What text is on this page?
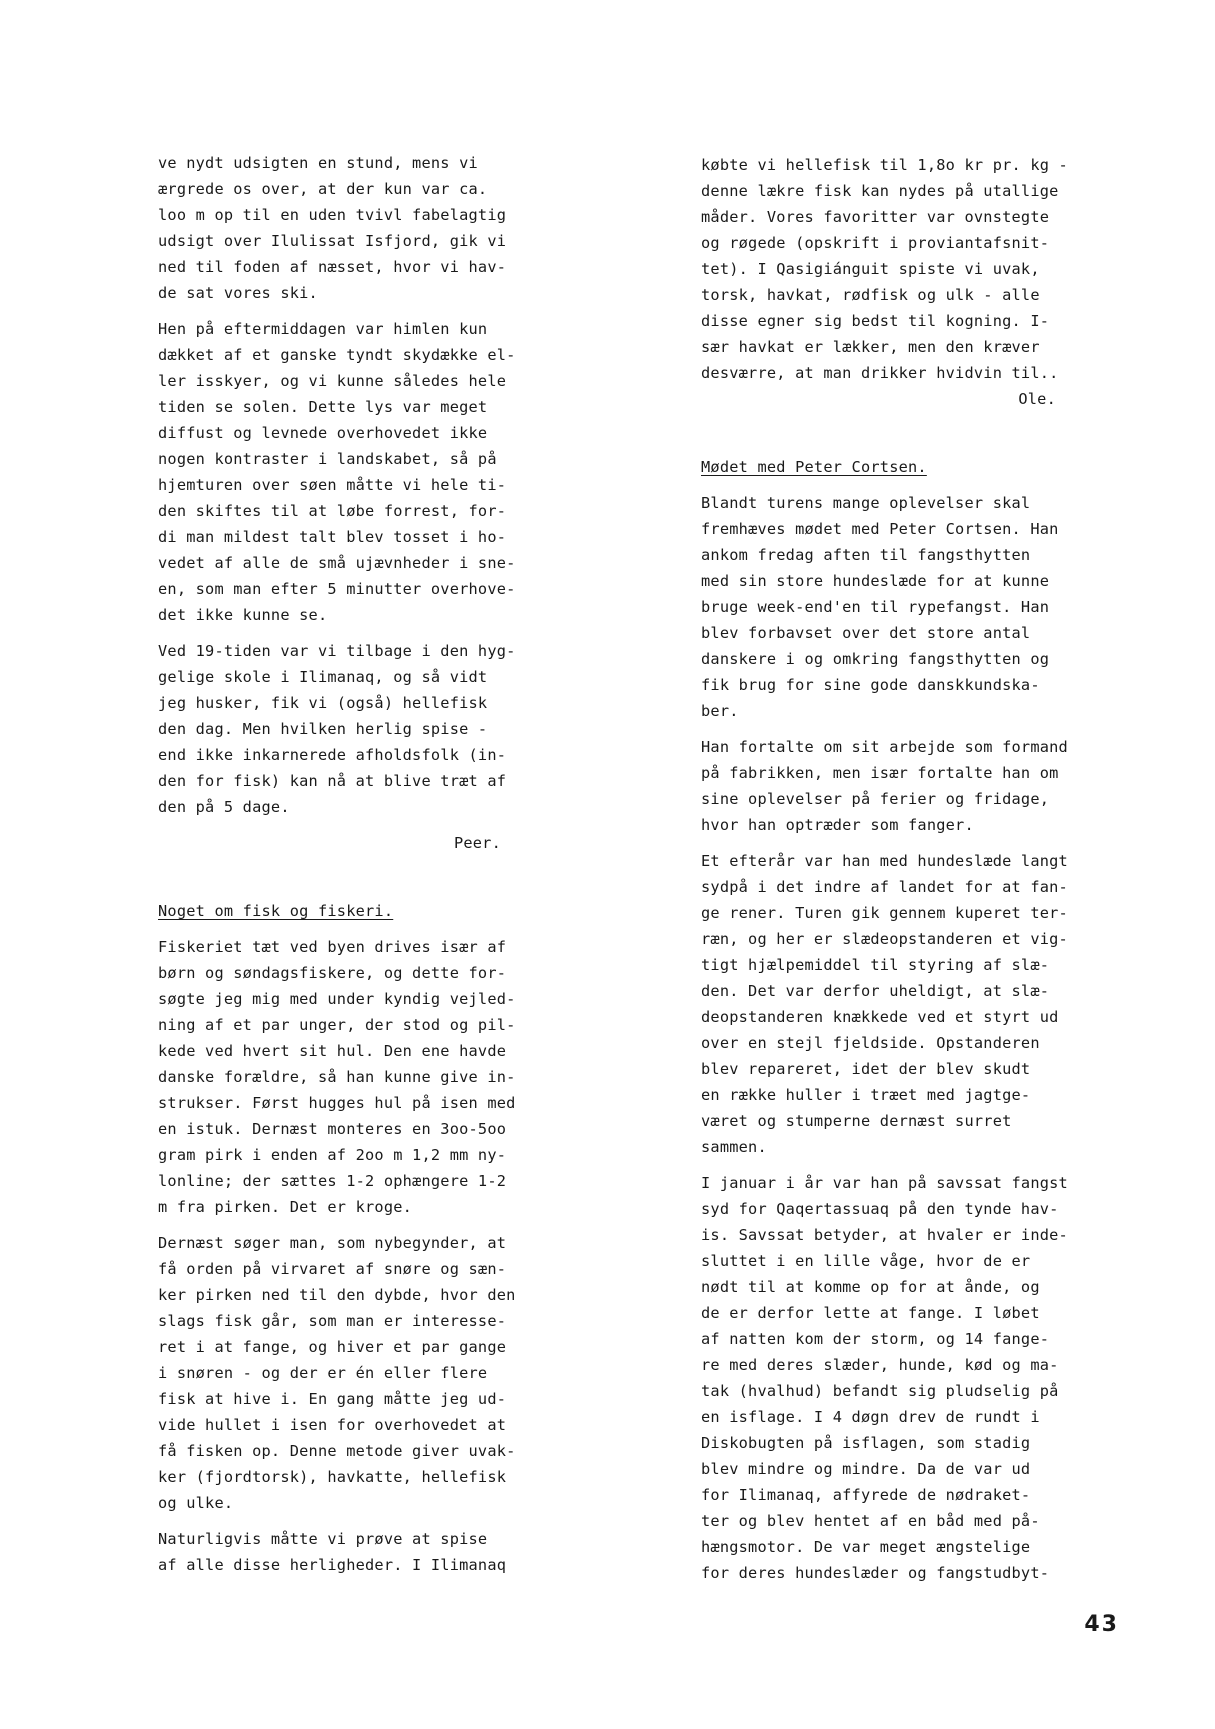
ve nydt udsigten en stund, mens vi
ærgrede os over, at der kun var ca.
loo m op til en uden tvivl fabelagtig
udsigt over Ilulissat Isfjord, gik vi
ned til foden af næsset, hvor vi hav-
de sat vores ski.
Hen på eftermiddagen var himlen kun
dækket af et ganske tyndt skydække el-
ler isskyer, og vi kunne således hele
tiden se solen. Dette lys var meget
diffust og levnede overhovedet ikke
nogen kontraster i landskabet, så på
hjemturen over søen måtte vi hele ti-
den skiftes til at løbe forrest, for-
di man mildest talt blev tosset i ho-
vedet af alle de små ujævnheder i sne-
en, som man efter 5 minutter overhove-
det ikke kunne se.
Ved 19-tiden var vi tilbage i den hyg-
gelige skole i Ilimanaq, og så vidt
jeg husker, fik vi (også) hellefisk
den dag. Men hvilken herlig spise -
end ikke inkarnerede afholdsfolk (in-
den for fisk) kan nå at blive træt af
den på 5 dage.
Peer.
Noget om fisk og fiskeri.
Fiskeriet tæt ved byen drives især af
børn og søndagsfiskere, og dette for-
søgte jeg mig med under kyndig vejled-
ning af et par unger, der stod og pil-
kede ved hvert sit hul. Den ene havde
danske forældre, så han kunne give in-
strukser. Først hugges hul på isen med
en istuk. Dernæst monteres en 3oo-5oo
gram pirk i enden af 2oo m 1,2 mm ny-
lonline; der sættes 1-2 ophængere 1-2
m fra pirken. Det er kroge.
Dernæst søger man, som nybegynder, at
få orden på virvaret af snøre og sæn-
ker pirken ned til den dybde, hvor den
slags fisk går, som man er interesse-
ret i at fange, og hiver et par gange
i snøren - og der er én eller flere
fisk at hive i. En gang måtte jeg ud-
vide hullet i isen for overhovedet at
få fisken op. Denne metode giver uvak-
ker (fjordtorsk), havkatte, hellefisk
og ulke.
Naturligvis måtte vi prøve at spise
af alle disse herligheder. I Ilimanaq
købte vi hellefisk til 1,8o kr pr. kg -
denne lækre fisk kan nydes på utallige
måder. Vores favoritter var ovnstegte
og røgede (opskrift i proviantafsnit-
tet). I Qasigiánguit spiste vi uvak,
torsk, havkat, rødfisk og ulk - alle
disse egner sig bedst til kogning. I-
sær havkat er lækker, men den kræver
desværre, at man drikker hvidvin til..
Ole.
Mødet med Peter Cortsen.
Blandt turens mange oplevelser skal
fremhæves mødet med Peter Cortsen. Han
ankom fredag aften til fangsthytten
med sin store hundeslæde for at kunne
bruge week-end'en til rypefangst. Han
blev forbavset over det store antal
danskere i og omkring fangsthytten og
fik brug for sine gode danskkundska-
ber.
Han fortalte om sit arbejde som formand
på fabrikken, men især fortalte han om
sine oplevelser på ferier og fridage,
hvor han optræder som fanger.
Et efterår var han med hundeslæde langt
sydpå i det indre af landet for at fan-
ge rener. Turen gik gennem kuperet ter-
ræn, og her er slædeopstanderen et vig-
tigt hjælpemiddel til styring af slæ-
den. Det var derfor uheldigt, at slæ-
deopstanderen knækkede ved et styrt ud
over en stejl fjeldside. Opstanderen
blev repareret, idet der blev skudt
en række huller i træet med jagtge-
været og stumperne dernæst surret
sammen.
I januar i år var han på savssat fangst
syd for Qaqertassuaq på den tynde hav-
is. Savssat betyder, at hvaler er inde-
sluttet i en lille våge, hvor de er
nødt til at komme op for at ånde, og
de er derfor lette at fange. I løbet
af natten kom der storm, og 14 fange-
re med deres slæder, hunde, kød og ma-
tak (hvalhud) befandt sig pludselig på
en isflage. I 4 døgn drev de rundt i
Diskobugten på isflagen, som stadig
blev mindre og mindre. Da de var ud
for Ilimanaq, affyrede de nødraket-
ter og blev hentet af en båd med på-
hængsmotor. De var meget ængstelige
for deres hundeslæder og fangstudbyt-
43
